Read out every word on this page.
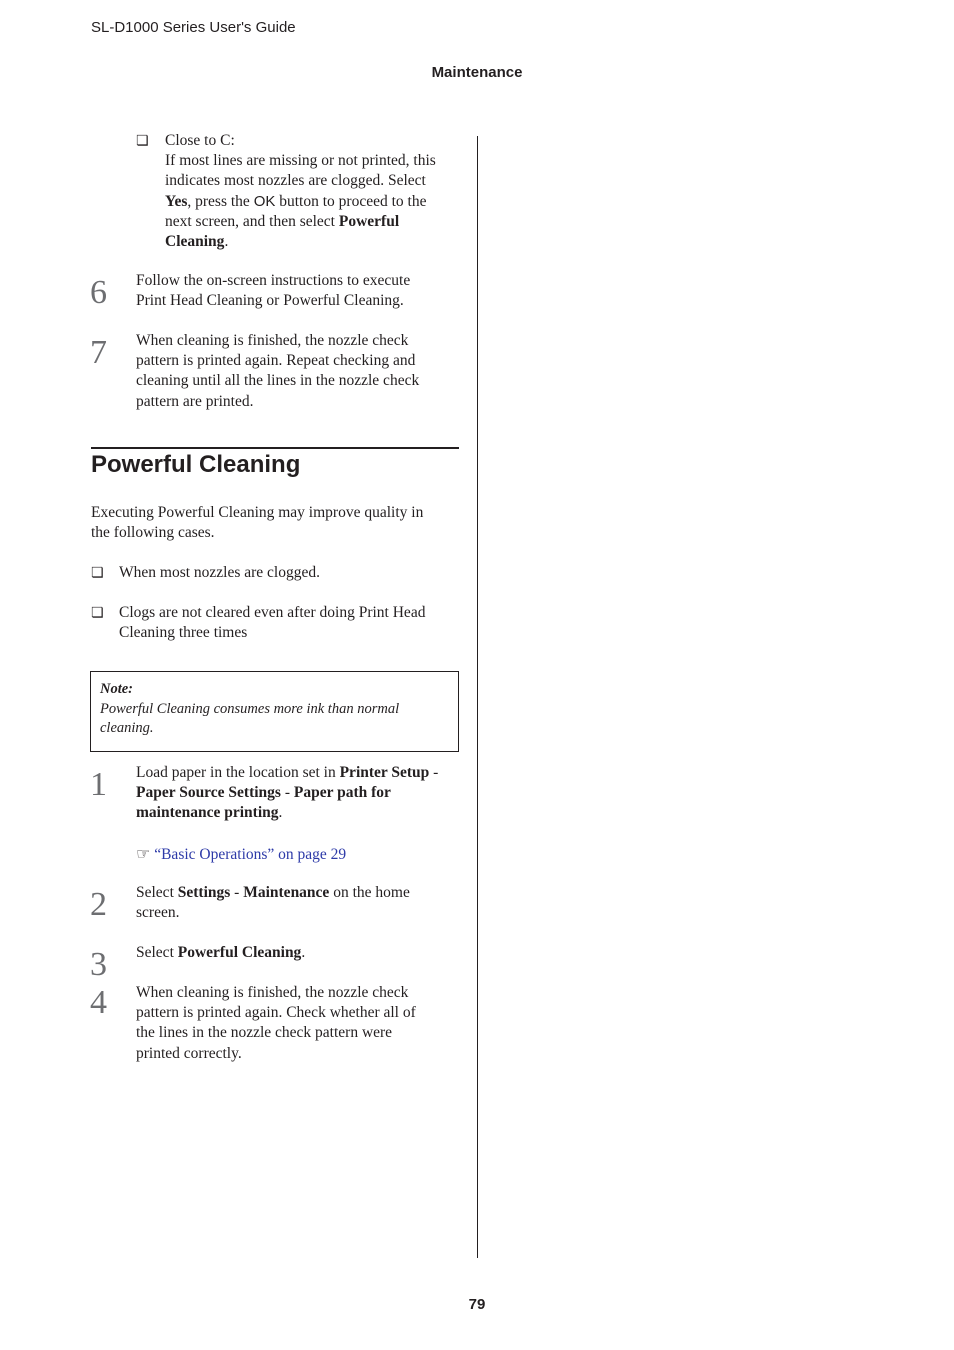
SL-D1000 Series User's Guide
Maintenance
❏ Close to C:
If most lines are missing or not printed, this
indicates most nozzles are clogged. Select
Yes, press the OK button to proceed to the
next screen, and then select Powerful
Cleaning.
6 Follow the on-screen instructions to execute
Print Head Cleaning or Powerful Cleaning.
7 When cleaning is finished, the nozzle check
pattern is printed again. Repeat checking and
cleaning until all the lines in the nozzle check
pattern are printed.
Powerful Cleaning
Executing Powerful Cleaning may improve quality in
the following cases.
❏ When most nozzles are clogged.
❏ Clogs are not cleared even after doing Print Head
Cleaning three times
Note:
Powerful Cleaning consumes more ink than normal
cleaning.
1 Load paper in the location set in Printer Setup -
Paper Source Settings - Paper path for
maintenance printing.
☞ “Basic Operations” on page 29
2 Select Settings - Maintenance on the home
screen.
3 Select Powerful Cleaning.
4 When cleaning is finished, the nozzle check
pattern is printed again. Check whether all of
the lines in the nozzle check pattern were
printed correctly.
79
